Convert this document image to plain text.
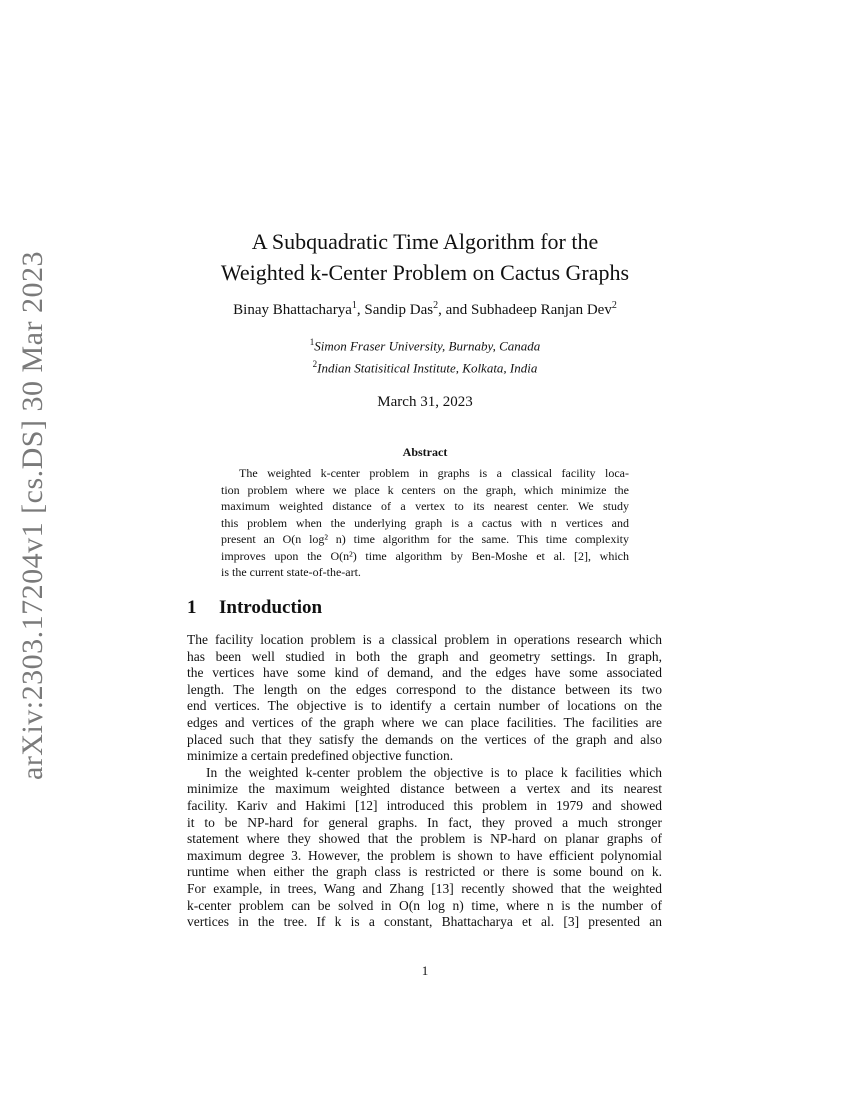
arXiv:2303.17204v1 [cs.DS] 30 Mar 2023
A Subquadratic Time Algorithm for the
Weighted k-Center Problem on Cactus Graphs
Binay Bhattacharya$^1$, Sandip Das$^2$, and Subhadeep Ranjan Dev$^2$
$^1$Simon Fraser University, Burnaby, Canada
$^2$Indian Statisitical Institute, Kolkata, India
March 31, 2023
Abstract
The weighted k-center problem in graphs is a classical facility loca-
tion problem where we place k centers on the graph, which minimize the
maximum weighted distance of a vertex to its nearest center. We study
this problem when the underlying graph is a cactus with n vertices and
present an O(n log² n) time algorithm for the same. This time complexity
improves upon the O(n²) time algorithm by Ben-Moshe et al. [2], which
is the current state-of-the-art.
1 Introduction
The facility location problem is a classical problem in operations research which
has been well studied in both the graph and geometry settings. In graph,
the vertices have some kind of demand, and the edges have some associated
length. The length on the edges correspond to the distance between its two
end vertices. The objective is to identify a certain number of locations on the
edges and vertices of the graph where we can place facilities. The facilities are
placed such that they satisfy the demands on the vertices of the graph and also
minimize a certain predefined objective function.
In the weighted k-center problem the objective is to place k facilities which
minimize the maximum weighted distance between a vertex and its nearest
facility. Kariv and Hakimi [12] introduced this problem in 1979 and showed
it to be NP-hard for general graphs. In fact, they proved a much stronger
statement where they showed that the problem is NP-hard on planar graphs of
maximum degree 3. However, the problem is shown to have efficient polynomial
runtime when either the graph class is restricted or there is some bound on k.
For example, in trees, Wang and Zhang [13] recently showed that the weighted
k-center problem can be solved in O(n log n) time, where n is the number of
vertices in the tree. If k is a constant, Bhattacharya et al. [3] presented an
1
